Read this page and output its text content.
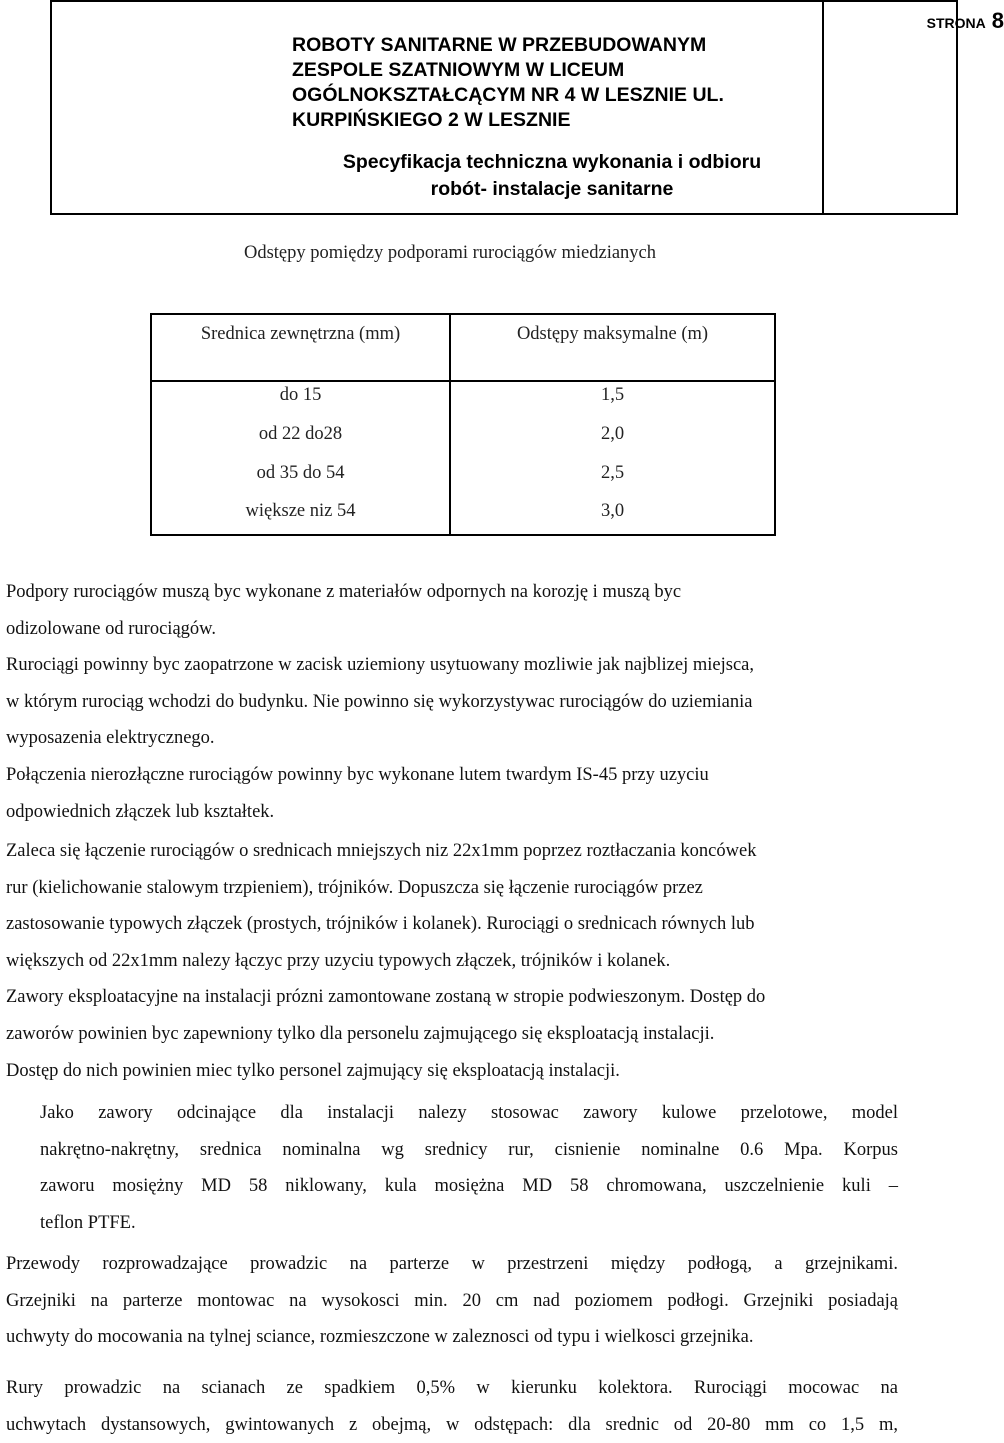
ROBOTY SANITARNE W PRZEBUDOWANYM
ZESPOLE SZATNIOWYM W LICEUM
OGÓLNOKSZTAŁCĄCYM NR 4 W LESZNIE UL.
KURPIŃSKIEGO 2 W LESZNIE
Specyfikacja techniczna wykonania i odbioru
robót- instalacje sanitarne
STRONA 8
Odstępy pomiędzy podporami rurociągów miedzianych
Srednica zewnętrzna (mm)	Odstępy maksymalne (m)
do 15	1,5
od 22 do28	2,0
od 35 do 54	2,5
większe niz 54	3,0
Podpory rurociągów muszą byc wykonane z materiałów odpornych na korozję i muszą byc
odizolowane od rurociągów.
Rurociągi powinny byc zaopatrzone w zacisk uziemiony usytuowany mozliwie jak najblizej miejsca,
w którym rurociąg wchodzi do budynku. Nie powinno się wykorzystywac rurociągów do uziemiania
wyposazenia elektrycznego.
Połączenia nierozłączne rurociągów powinny byc wykonane lutem twardym IS-45 przy uzyciu
odpowiednich złączek lub kształtek.
Zaleca się łączenie rurociągów o srednicach mniejszych niz 22x1mm poprzez roztłaczania koncówek
rur (kielichowanie stalowym trzpieniem), trójników. Dopuszcza się łączenie rurociągów przez
zastosowanie typowych złączek (prostych, trójników i kolanek). Rurociągi o srednicach równych lub
większych od 22x1mm nalezy łączyc przy uzyciu typowych złączek, trójników i kolanek.
Zawory eksploatacyjne na instalacji prózni zamontowane zostaną w stropie podwieszonym. Dostęp do
zaworów powinien byc zapewniony tylko dla personelu zajmującego się eksploatacją instalacji.
Dostęp do nich powinien miec tylko personel zajmujący się eksploatacją instalacji.
Jako zawory odcinające dla instalacji nalezy stosowac zawory kulowe przelotowe, model
nakrętno-nakrętny, srednica nominalna wg srednicy rur, cisnienie nominalne 0.6 Mpa. Korpus
zaworu mosiężny MD 58 niklowany, kula mosiężna MD 58 chromowana, uszczelnienie kuli –
teflon PTFE.
Przewody rozprowadzające prowadzic na parterze w przestrzeni między podłogą, a grzejnikami.
Grzejniki na parterze montowac na wysokosci min. 20 cm nad poziomem podłogi. Grzejniki posiadają
uchwyty do mocowania na tylnej sciance, rozmieszczone w zaleznosci od typu i wielkosci grzejnika.
Rury prowadzic na scianach ze spadkiem 0,5% w kierunku kolektora. Rurociągi mocowac na
uchwytach dystansowych, gwintowanych z obejmą, w odstępach: dla srednic od 20-80 mm co 1,5 m,
